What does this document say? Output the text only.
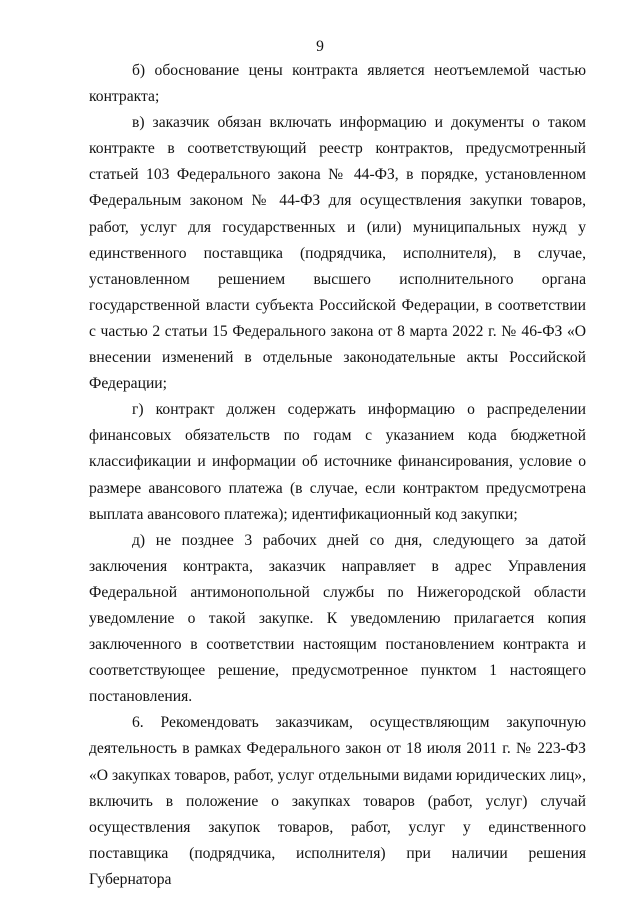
9

б) обоснование цены контракта является неотъемлемой частью контракта;

в) заказчик обязан включать информацию и документы о таком контракте в соответствующий реестр контрактов, предусмотренный статьей 103 Федерального закона № 44-ФЗ, в порядке, установленном Федеральным законом № 44-ФЗ для осуществления закупки товаров, работ, услуг для государственных и (или) муниципальных нужд у единственного поставщика (подрядчика, исполнителя), в случае, установленном решением высшего исполнительного органа государственной власти субъекта Российской Федерации, в соответствии с частью 2 статьи 15 Федерального закона от 8 марта 2022 г. № 46-ФЗ «О внесении изменений в отдельные законодательные акты Российской Федерации;

г) контракт должен содержать информацию о распределении финансовых обязательств по годам с указанием кода бюджетной классификации и информации об источнике финансирования, условие о размере авансового платежа (в случае, если контрактом предусмотрена выплата авансового платежа); идентификационный код закупки;

д) не позднее 3 рабочих дней со дня, следующего за датой заключения контракта, заказчик направляет в адрес Управления Федеральной антимонопольной службы по Нижегородской области уведомление о такой закупке. К уведомлению прилагается копия заключенного в соответствии настоящим постановлением контракта и соответствующее решение, предусмотренное пунктом 1 настоящего постановления.

6. Рекомендовать заказчикам, осуществляющим закупочную деятельность в рамках Федерального закон от 18 июля 2011 г. № 223-ФЗ «О закупках товаров, работ, услуг отдельными видами юридических лиц», включить в положение о закупках товаров (работ, услуг) случай осуществления закупок товаров, работ, услуг у единственного поставщика (подрядчика, исполнителя) при наличии решения Губернатора
